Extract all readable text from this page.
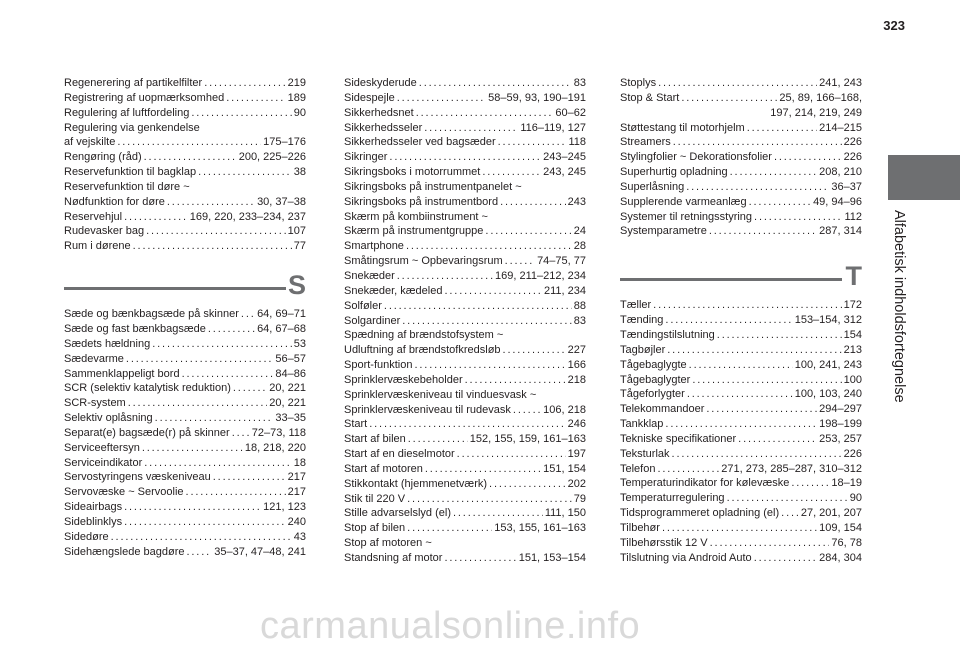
323
Alfabetisk indholdsfortegnelse
Regenerering af partikelfilter . . .	219
Registrering af uopmærksomhed . . .	189
Regulering af luftfordeling . . .	90
Regulering via genkendelse
af vejskilte . . .	175–176
Rengøring (råd) . . .	200, 225–226
Reservefunktion til bagklap . . .	38
Reservefunktion til døre ~
Nødfunktion for døre . . .	30, 37–38
Reservehjul . . .	169, 220, 233–234, 237
Rudevasker bag . . .	107
Rum i dørene . . .	77
S
Sæde og bænkbagsæde på skinner . . . 64, 69–71
Sæde og fast bænkbagsæde . . .	64, 67–68
Sædets hældning . . .	53
Sædevarme . . .	56–57
Sammenklappeligt bord . . .	84–86
SCR (selektiv katalytisk reduktion) . . .	20, 221
SCR-system . . .	20, 221
Selektiv oplåsning . . .	33–35
Separat(e) bagsæde(r) på skinner . . . 72–73, 118
Serviceeftersyn . . .	18, 218, 220
Serviceindikator . . .	18
Servostyringens væskeniveau . . .	217
Servovæske ~ Servoolie . . .	217
Sideairbags . . .	121, 123
Sideblinklys . . .	240
Sidedøre . . .	43
Sidehængslede bagdøre . . .	35–37, 47–48, 241
Sideskyderude . . .	83
Sidespejle . . .	58–59, 93, 190–191
Sikkerhedsnet . . .	60–62
Sikkerhedsseler . . .	116–119, 127
Sikkerhedsseler ved bagsæder . . .	118
Sikringer . . .	243–245
Sikringsboks i motorrummet . . .	243, 245
Sikringsboks på instrumentpanelet ~
Sikringsboks på instrumentbord . . .	243
Skærm på kombiinstrument ~
Skærm på instrumentgruppe . . .	24
Smartphone . . .	28
Småtingsrum ~ Opbevaringsrum . . .	74–75, 77
Snekæder . . .	169, 211–212, 234
Snekæder, kædeled . . .	211, 234
Solføler . . .	88
Solgardiner . . .	83
Spædning af brændstofsystem ~
Udluftning af brændstofkredsløb . . .	227
Sport-funktion . . .	166
Sprinklervæskebeholder . . .	218
Sprinklervæskeniveau til vinduesvask ~
Sprinklervæskeniveau til rudevask . . .	106, 218
Start . . .	246
Start af bilen . . .	152, 155, 159, 161–163
Start af en dieselmotor . . .	197
Start af motoren . . .	151, 154
Stikkontakt (hjemmenetværk) . . .	202
Stik til 220 V . . .	79
Stille advarselslyd (el) . . .	111, 150
Stop af bilen . . .	153, 155, 161–163
Stop af motoren ~
Standsning af motor . . .	151, 153–154
Stoplys . . .	241, 243
Stop & Start . . .	25, 89, 166–168,
197, 214, 219, 249
Støttestang til motorhjelm . . .	214–215
Streamers . . .	226
Stylingfolier ~ Dekorationsfolier . . .	226
Superhurtig opladning . . .	208, 210
Superlåsning . . .	36–37
Supplerende varmeanlæg . . .	49, 94–96
Systemer til retningsstyring . . .	112
Systemparametre . . .	287, 314
T
Tæller . . .	172
Tænding . . .	153–154, 312
Tændingstilslutning . . .	154
Tagbøjler . . .	213
Tågebaglygte . . .	100, 241, 243
Tågebaglygter . . .	100
Tågeforlygter . . .	100, 103, 240
Telekommandoer . . .	294–297
Tankklap . . .	198–199
Tekniske specifikationer . . .	253, 257
Teksturlak . . .	226
Telefon . . .	271, 273, 285–287, 310–312
Temperaturindikator for kølevæske . . .	18–19
Temperaturregulering . . .	90
Tidsprogrammeret opladning (el) . . . 27, 201, 207
Tilbehør . . .	109, 154
Tilbehørsstik 12 V . . .	76, 78
Tilslutning via Android Auto . . .	284, 304
carmanualsonline.info
